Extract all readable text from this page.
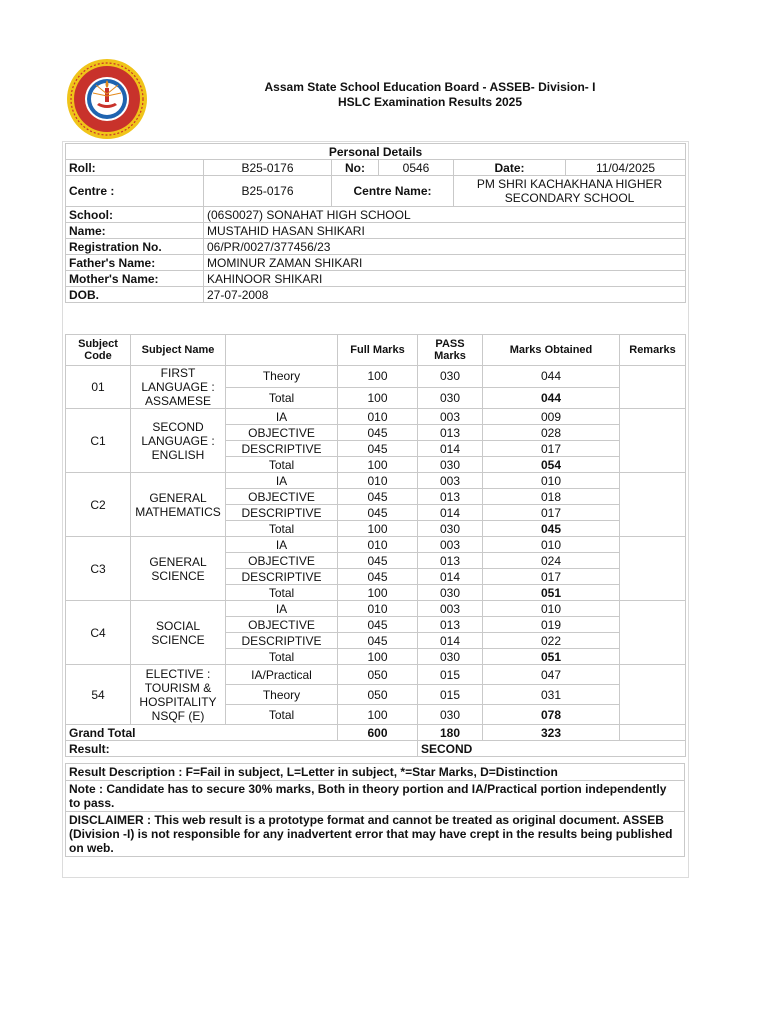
Assam State School Education Board - ASSEB- Division- I
HSLC Examination Results 2025
Personal Details					
Roll:	B25-0176	No:	0546	Date:	11/04/2025
Centre :	B25-0176	Centre Name:		PM SHRI KACHAKHANA HIGHER SECONDARY SCHOOL	
School:	(06S0027) SONAHAT HIGH SCHOOL				
Name:	MUSTAHID HASAN SHIKARI				
Registration No.	06/PR/0027/377456/23				
Father's Name:	MOMINUR ZAMAN SHIKARI				
Mother's Name:	KAHINOOR SHIKARI				
DOB.	27-07-2008				
Subject Code	Subject Name		Full Marks	PASS Marks	Marks Obtained	Remarks
01	FIRST LANGUAGE : ASSAMESE	Theory	100	030	044	
		Total	100	030	044	
C1	SECOND LANGUAGE : ENGLISH	IA	010	003	009	
		OBJECTIVE	045	013	028	
		DESCRIPTIVE	045	014	017	
		Total	100	030	054	
C2	GENERAL MATHEMATICS	IA	010	003	010	
		OBJECTIVE	045	013	018	
		DESCRIPTIVE	045	014	017	
		Total	100	030	045	
C3	GENERAL SCIENCE	IA	010	003	010	
		OBJECTIVE	045	013	024	
		DESCRIPTIVE	045	014	017	
		Total	100	030	051	
C4	SOCIAL SCIENCE	IA	010	003	010	
		OBJECTIVE	045	013	019	
		DESCRIPTIVE	045	014	022	
		Total	100	030	051	
54	ELECTIVE : TOURISM & HOSPITALITY NSQF (E)	IA/Practical	050	015	047	
		Theory	050	015	031	
		Total	100	030	078	
Grand Total			600	180	323	
Result:				SECOND		
Result Description : F=Fail in subject, L=Letter in subject, *=Star Marks, D=Distinction
Note : Candidate has to secure 30% marks, Both in theory portion and IA/Practical portion independently to pass.
DISCLAIMER : This web result is a prototype format and cannot be treated as original document. ASSEB (Division -I) is not responsible for any inadvertent error that may have crept in the results being published on web.
